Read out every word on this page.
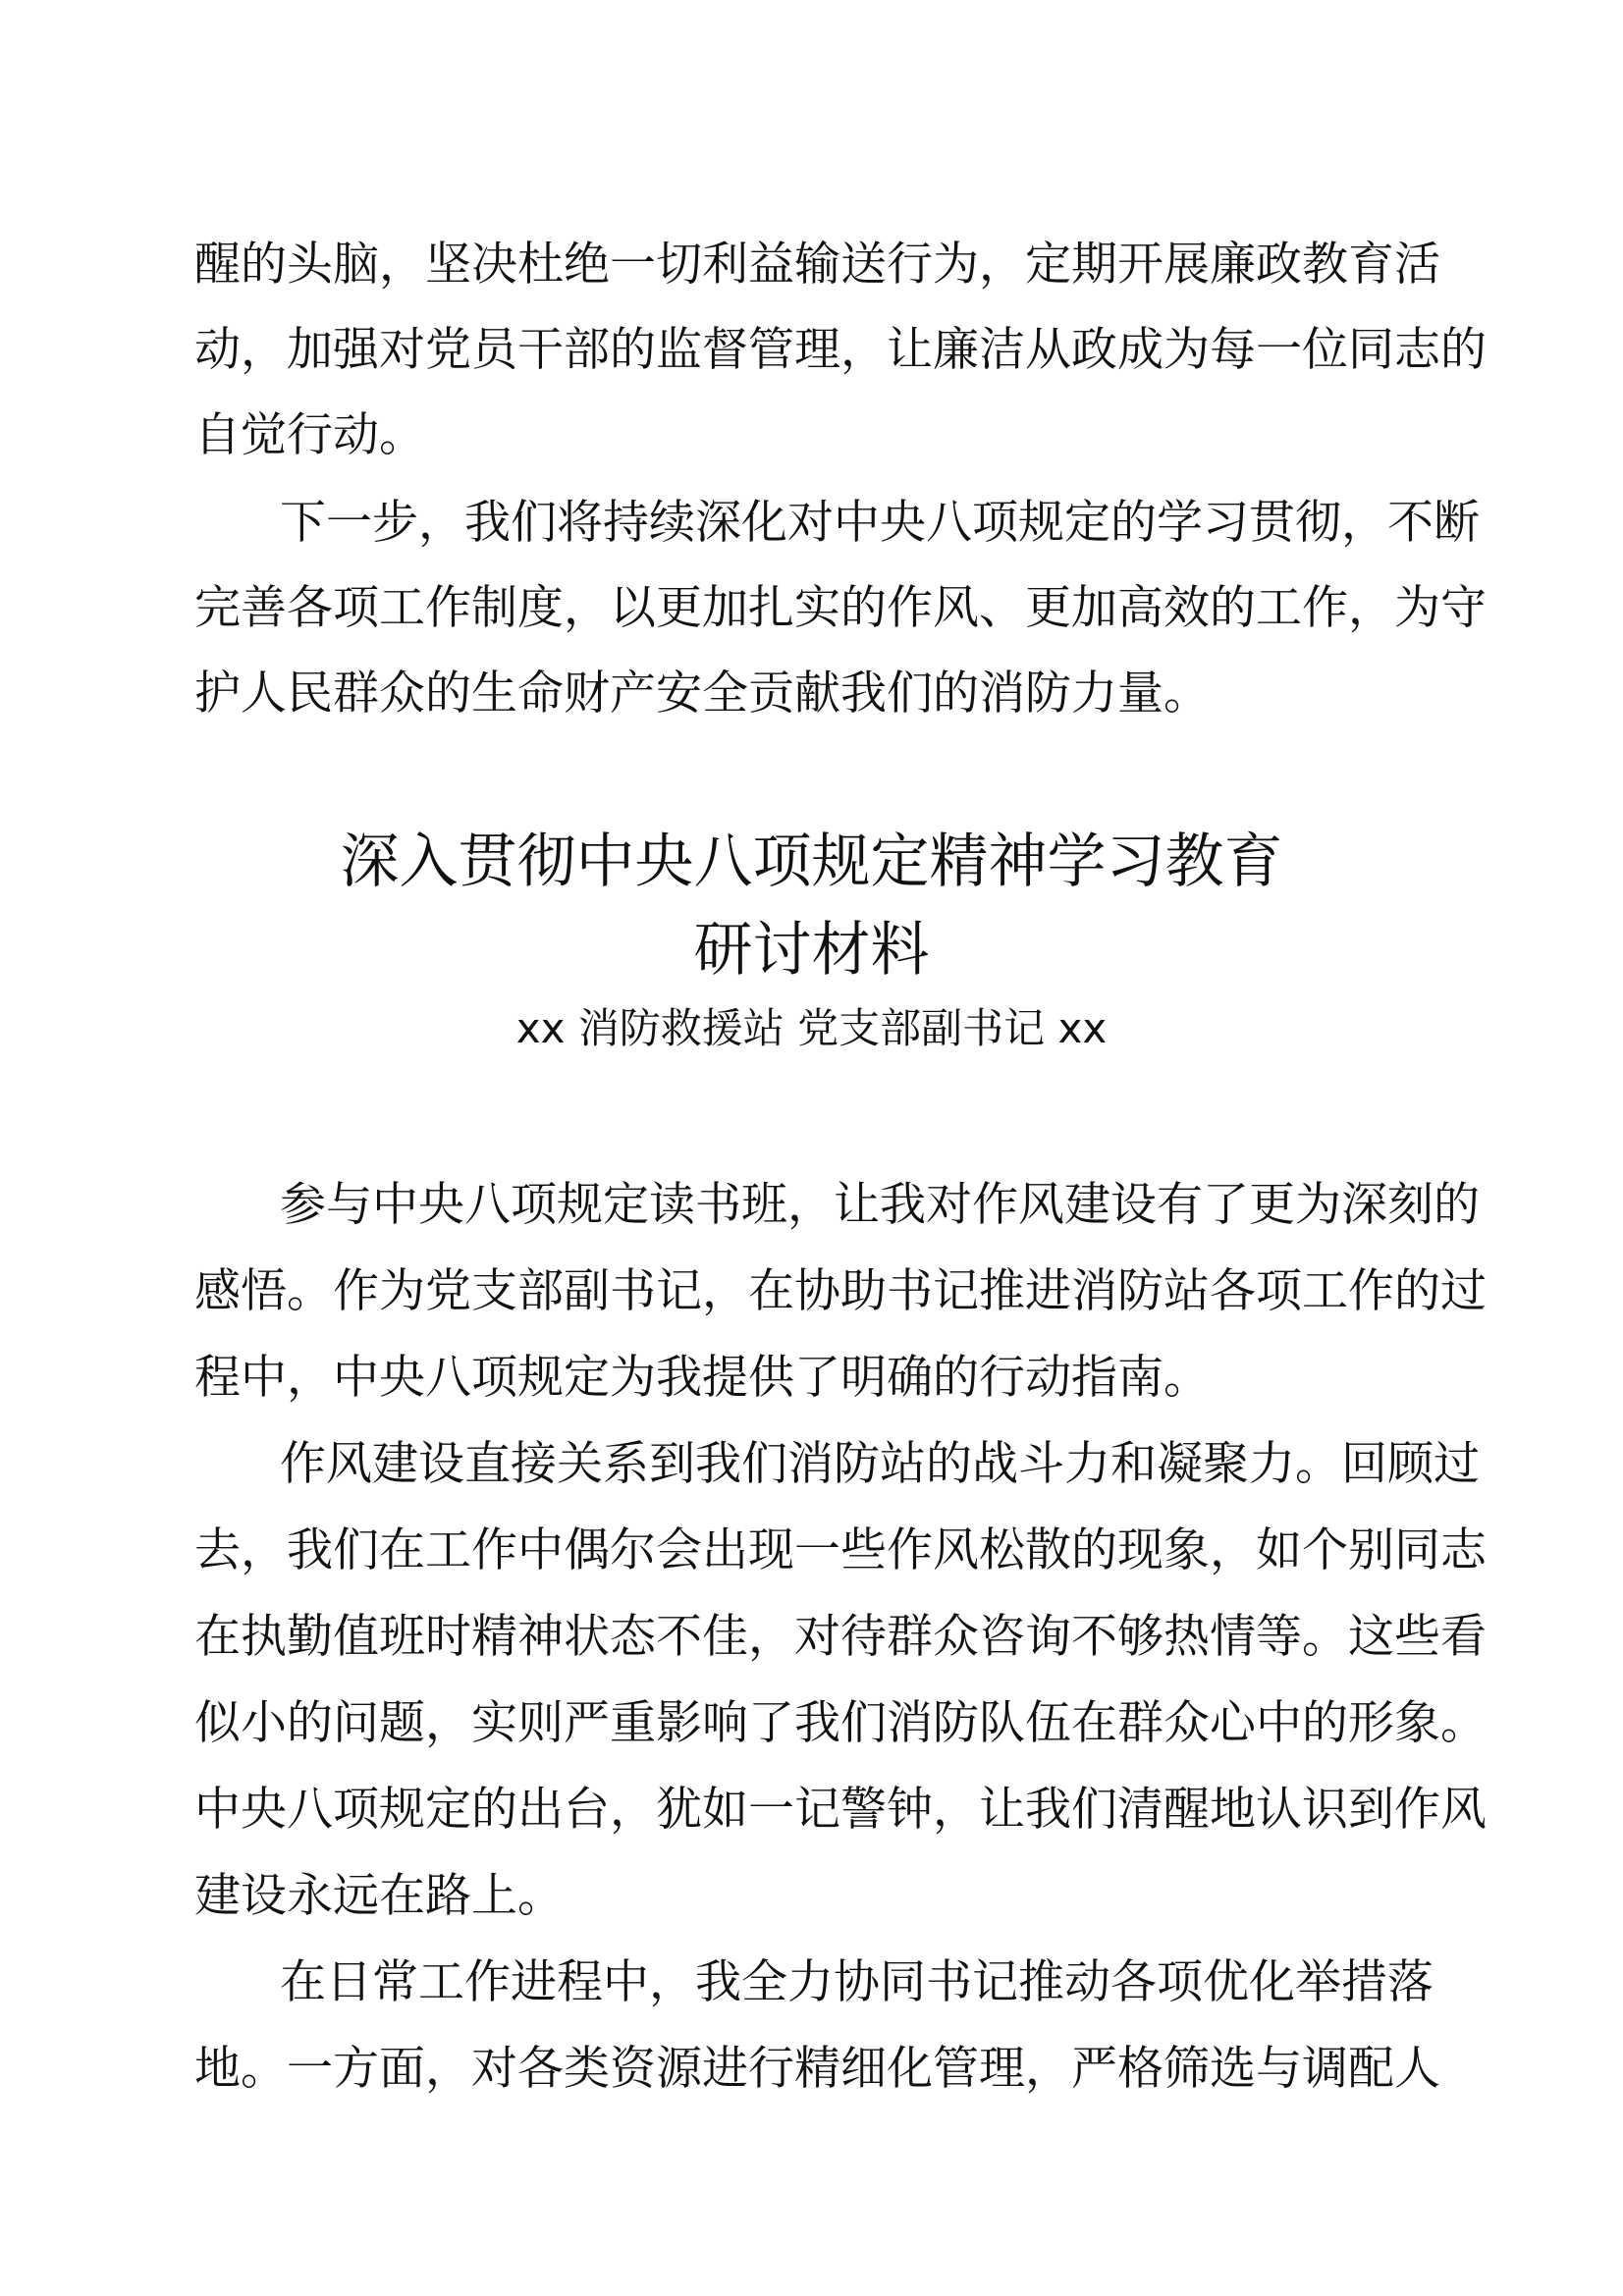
醒的头脑，坚决杜绝一切利益输送行为，定期开展廉政教育活
动，加强对党员干部的监督管理，让廉洁从政成为每一位同志的
自觉行动。
下一步，我们将持续深化对中央八项规定的学习贯彻，不断
完善各项工作制度，以更加扎实的作风、更加高效的工作，为守
护人民群众的生命财产安全贡献我们的消防力量。
深入贯彻中央八项规定精神学习教育
研讨材料
xx 消防救援站 党支部副书记 xx
参与中央八项规定读书班，让我对作风建设有了更为深刻的
感悟。作为党支部副书记，在协助书记推进消防站各项工作的过
程中，中央八项规定为我提供了明确的行动指南。
作风建设直接关系到我们消防站的战斗力和凝聚力。回顾过
去，我们在工作中偶尔会出现一些作风松散的现象，如个别同志
在执勤值班时精神状态不佳，对待群众咨询不够热情等。这些看
似小的问题，实则严重影响了我们消防队伍在群众心中的形象。
中央八项规定的出台，犹如一记警钟，让我们清醒地认识到作风
建设永远在路上。
在日常工作进程中，我全力协同书记推动各项优化举措落
地。一方面，对各类资源进行精细化管理，严格筛选与调配人
